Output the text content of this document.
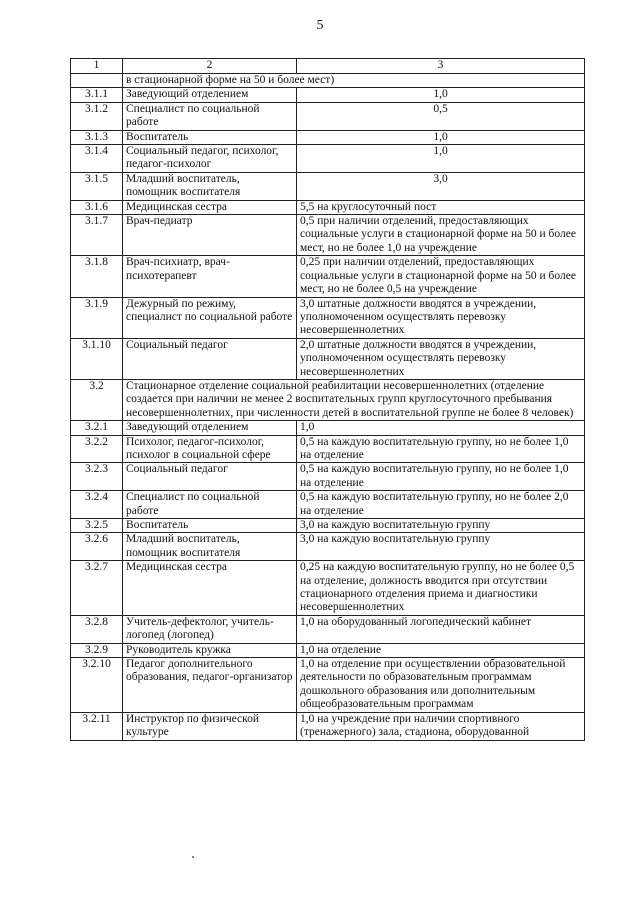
5
1	2	3
	в стационарной форме на 50 и более мест)	
3.1.1	Заведующий отделением	1,0
3.1.2	Специалист по социальной работе	0,5
3.1.3	Воспитатель	1,0
3.1.4	Социальный педагог, психолог, педагог-психолог	1,0
3.1.5	Младший воспитатель, помощник воспитателя	3,0
3.1.6	Медицинская сестра	5,5 на круглосуточный пост
3.1.7	Врач-педиатр	0,5 при наличии отделений, предоставляющих социальные услуги в стационарной форме на 50 и более мест, но не более 1,0 на учреждение
3.1.8	Врач-психиатр, врач-психотерапевт	0,25 при наличии отделений, предоставляющих социальные услуги в стационарной форме на 50 и более мест, но не более 0,5 на учреждение
3.1.9	Дежурный по режиму, специалист по социальной работе	3,0 штатные должности вводятся в учреждении, уполномоченном осуществлять перевозку несовершеннолетних
3.1.10	Социальный педагог	2,0 штатные должности вводятся в учреждении, уполномоченном осуществлять перевозку несовершеннолетних
3.2	Стационарное отделение социальной реабилитации несовершеннолетних (отделение создается при наличии не менее 2 воспитательных групп круглосуточного пребывания несовершеннолетних, при численности детей в воспитательной группе не более 8 человек)	
3.2.1	Заведующий отделением	1,0
3.2.2	Психолог, педагог-психолог, психолог в социальной сфере	0,5 на каждую воспитательную группу, но не более 1,0 на отделение
3.2.3	Социальный педагог	0,5 на каждую воспитательную группу, но не более 1,0 на отделение
3.2.4	Специалист по социальной работе	0,5 на каждую воспитательную группу, но не более 2,0 на отделение
3.2.5	Воспитатель	3,0 на каждую воспитательную группу
3.2.6	Младший воспитатель, помощник воспитателя	3,0 на каждую воспитательную группу
3.2.7	Медицинская сестра	0,25 на каждую воспитательную группу, но не более 0,5 на отделение, должность вводится при отсутствии стационарного отделения приема и диагностики несовершеннолетних
3.2.8	Учитель-дефектолог, учитель-логопед (логопед)	1,0 на оборудованный логопедический кабинет
3.2.9	Руководитель кружка	1,0 на отделение
3.2.10	Педагог дополнительного образования, педагог-организатор	1,0 на отделение при осуществлении образовательной деятельности по образовательным программам дошкольного образования или дополнительным общеобразовательным программам
3.2.11	Инструктор по физической культуре	1,0 на учреждение при наличии спортивного (тренажерного) зала, стадиона, оборудованной
